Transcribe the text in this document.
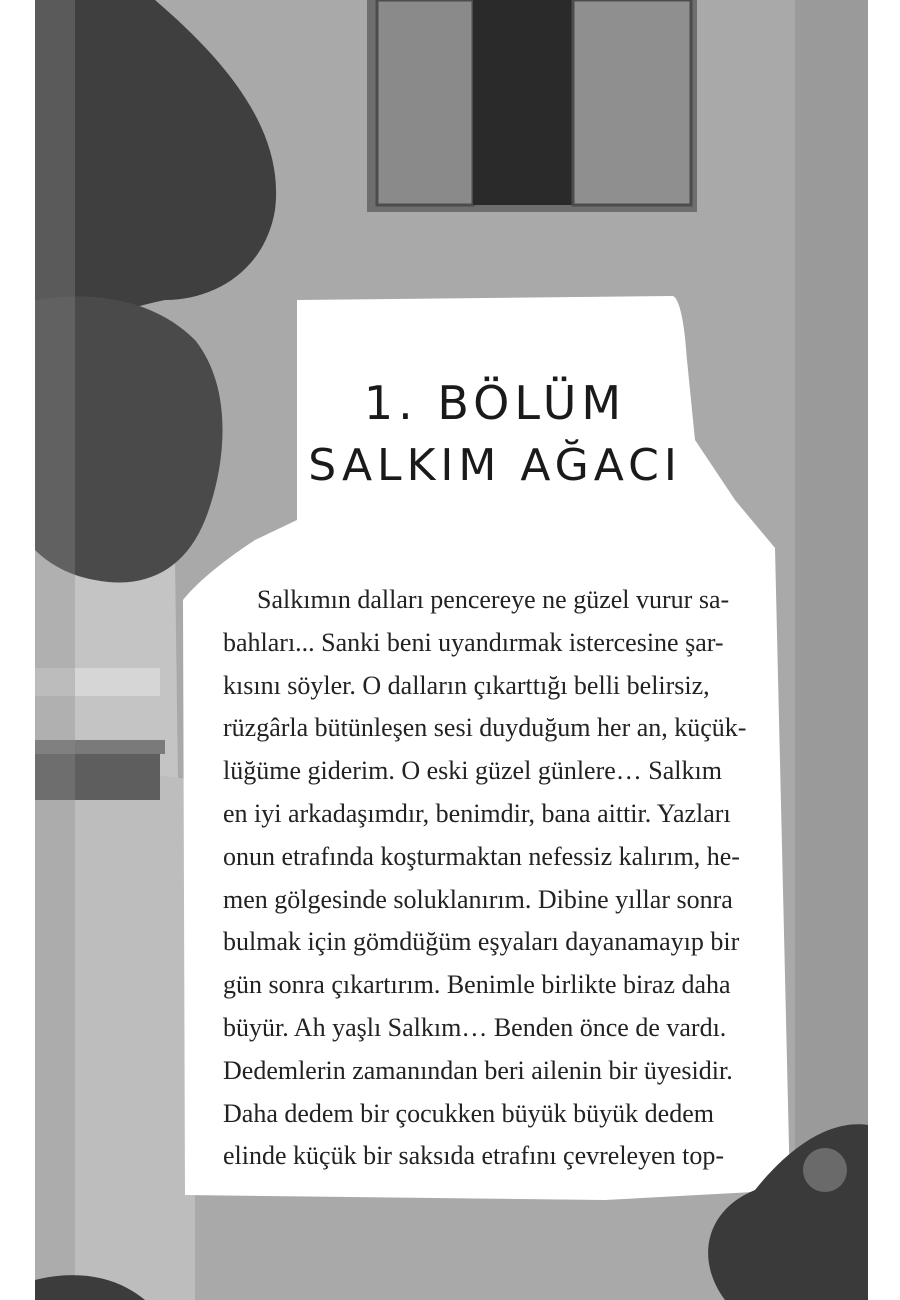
1. BÖLÜM
SALKIM AĞACI
Salkımın dalları pencereye ne güzel vurur sa-
bahları... Sanki beni uyandırmak istercesine şar-
kısını söyler. O dalların çıkarttığı belli belirsiz,
rüzgârla bütünleşen sesi duyduğum her an, küçük-
lüğüme giderim. O eski güzel günlere… Salkım
en iyi arkadaşımdır, benimdir, bana aittir. Yazları
onun etrafında koşturmaktan nefessiz kalırım, he-
men gölgesinde soluklanırım. Dibine yıllar sonra
bulmak için gömdüğüm eşyaları dayanamayıp bir
gün sonra çıkartırım. Benimle birlikte biraz daha
büyür. Ah yaşlı Salkım… Benden önce de vardı.
Dedemlerin zamanından beri ailenin bir üyesidir.
Daha dedem bir çocukken büyük büyük dedem
elinde küçük bir saksıda etrafını çevreleyen top-
